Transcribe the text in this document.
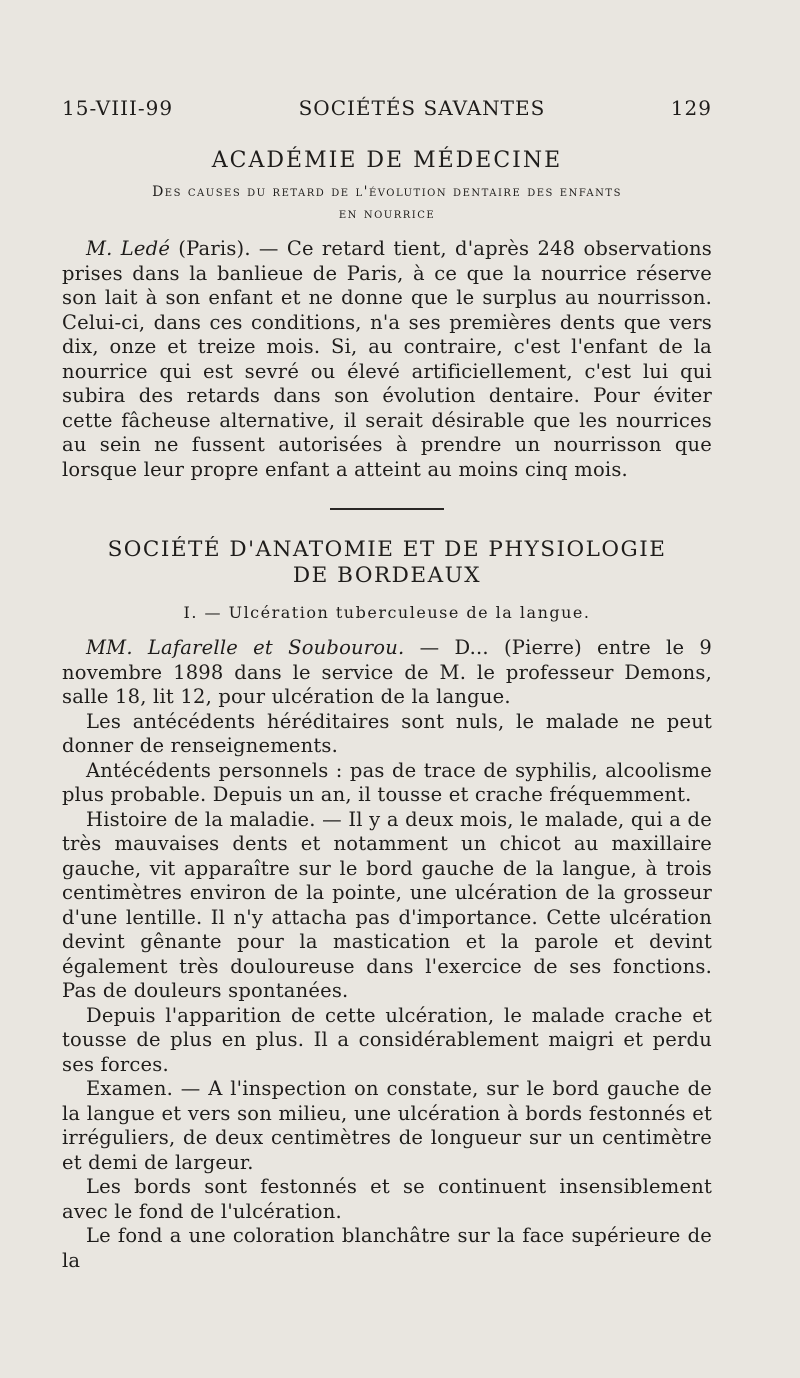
15-VIII-99	SOCIÉTÉS SAVANTES	129
ACADÉMIE DE MÉDECINE
Des causes du retard de l'évolution dentaire des enfants
en nourrice

M. Ledé (Paris). — Ce retard tient, d'après 248 observations prises dans la banlieue de Paris, à ce que la nourrice réserve son lait à son enfant et ne donne que le surplus au nourrisson. Celui-ci, dans ces conditions, n'a ses premières dents que vers dix, onze et treize mois. Si, au contraire, c'est l'enfant de la nourrice qui est sevré ou élevé artificiellement, c'est lui qui subira des retards dans son évolution dentaire. Pour éviter cette fâcheuse alternative, il serait désirable que les nourrices au sein ne fussent autorisées à prendre un nourrisson que lorsque leur propre enfant a atteint au moins cinq mois.

SOCIÉTÉ D'ANATOMIE ET DE PHYSIOLOGIE
DE BORDEAUX
I. — Ulcération tuberculeuse de la langue.

MM. Lafarelle et Soubourou. — D... (Pierre) entre le 9 novembre 1898 dans le service de M. le professeur Demons, salle 18, lit 12, pour ulcération de la langue.

Les antécédents héréditaires sont nuls, le malade ne peut donner de renseignements.

Antécédents personnels : pas de trace de syphilis, alcoolisme plus probable. Depuis un an, il tousse et crache fréquemment.

Histoire de la maladie. — Il y a deux mois, le malade, qui a de très mauvaises dents et notamment un chicot au maxillaire gauche, vit apparaître sur le bord gauche de la langue, à trois centimètres environ de la pointe, une ulcération de la grosseur d'une lentille. Il n'y attacha pas d'importance. Cette ulcération devint gênante pour la mastication et la parole et devint également très douloureuse dans l'exercice de ses fonctions. Pas de douleurs spontanées.

Depuis l'apparition de cette ulcération, le malade crache et tousse de plus en plus. Il a considérablement maigri et perdu ses forces.

Examen. — A l'inspection on constate, sur le bord gauche de la langue et vers son milieu, une ulcération à bords festonnés et irréguliers, de deux centimètres de longueur sur un centimètre et demi de largeur.

Les bords sont festonnés et se continuent insensiblement avec le fond de l'ulcération.

Le fond a une coloration blanchâtre sur la face supérieure de la
